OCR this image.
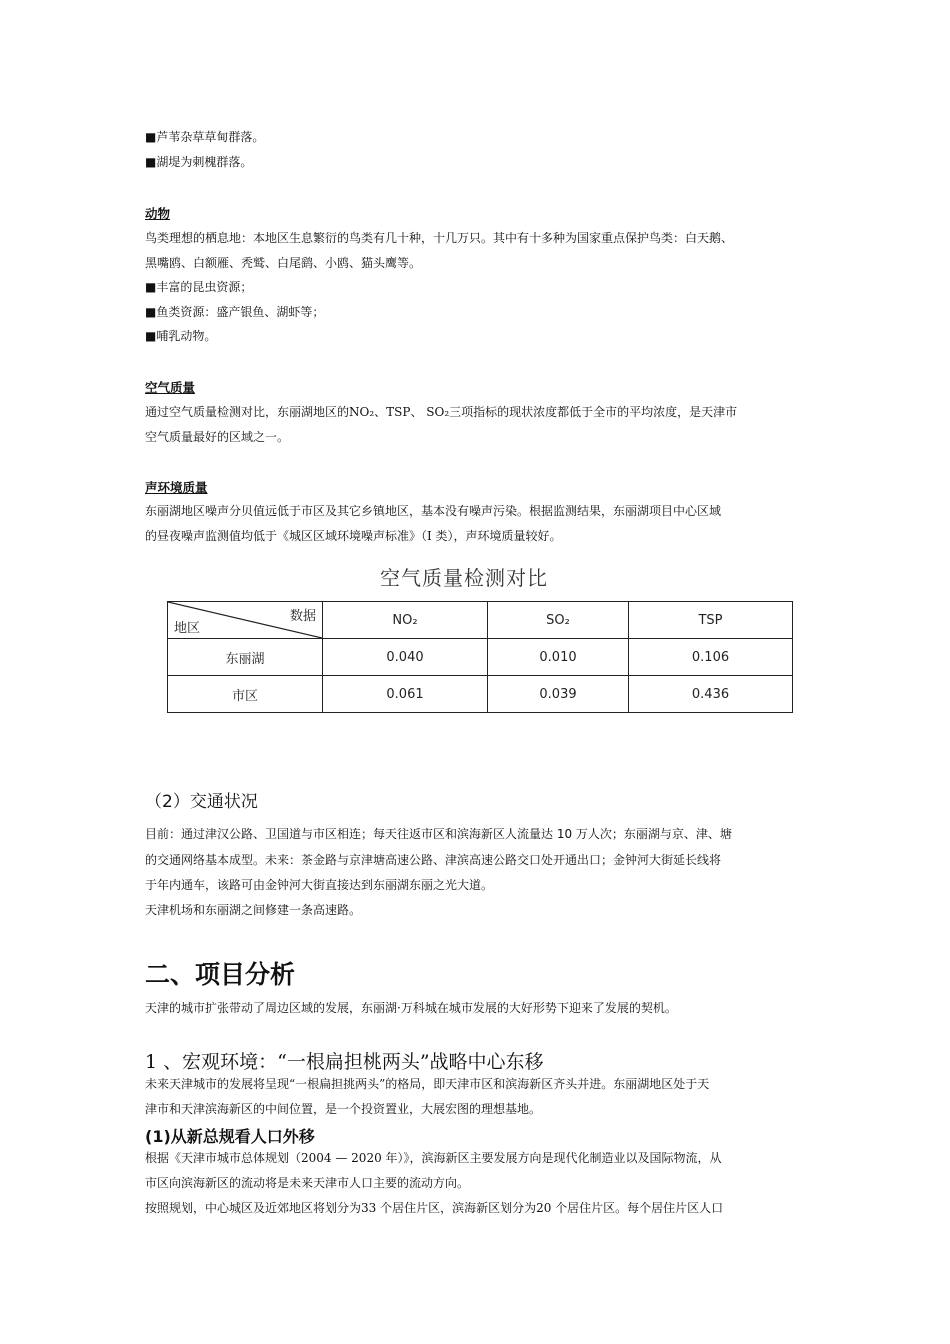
■芦苇杂草草甸群落。
■湖堤为刺槐群落。
动物
鸟类理想的栖息地：本地区生息繁衍的鸟类有几十种，十几万只。其中有十多种为国家重点保护鸟类：白天鹅、
黑嘴鸥、白额雁、秃鹫、白尾鹞、小鸥、猫头鹰等。
■丰富的昆虫资源；
■鱼类资源：盛产银鱼、湖虾等；
■哺乳动物。
空气质量
通过空气质量检测对比，东丽湖地区的NO₂、TSP、 SO₂三项指标的现状浓度都低于全市的平均浓度，是天津市
空气质量最好的区域之一。
声环境质量
东丽湖地区噪声分贝值远低于市区及其它乡镇地区，基本没有噪声污染。根据监测结果，东丽湖项目中心区域
的昼夜噪声监测值均低于《城区区域环境噪声标准》（I 类），声环境质量较好。
空气质量检测对比
数据
地区	NO₂	SO₂	TSP
东丽湖	0.040	0.010	0.106
市区	0.061	0.039	0.436
（2）交通状况
目前：通过津汉公路、卫国道与市区相连；每天往返市区和滨海新区人流量达 10 万人次；东丽湖与京、津、塘
的交通网络基本成型。未来：茶金路与京津塘高速公路、津滨高速公路交口处开通出口；金钟河大街延长线将
于年内通车，该路可由金钟河大街直接达到东丽湖东丽之光大道。
天津机场和东丽湖之间修建一条高速路。
二、项目分析
天津的城市扩张带动了周边区域的发展，东丽湖·万科城在城市发展的大好形势下迎来了发展的契机。
1 、宏观环境：“一根扁担桃两头”战略中心东移
未来天津城市的发展将呈现“一根扁担挑两头”的格局，即天津市区和滨海新区齐头并进。东丽湖地区处于天
津市和天津滨海新区的中间位置，是一个投资置业，大展宏图的理想基地。
(1)从新总规看人口外移
根据《天津市城市总体规划（2004 — 2020 年）》，滨海新区主要发展方向是现代化制造业以及国际物流，从
市区向滨海新区的流动将是未来天津市人口主要的流动方向。
按照规划，中心城区及近郊地区将划分为33 个居住片区，滨海新区划分为20 个居住片区。每个居住片区人口
